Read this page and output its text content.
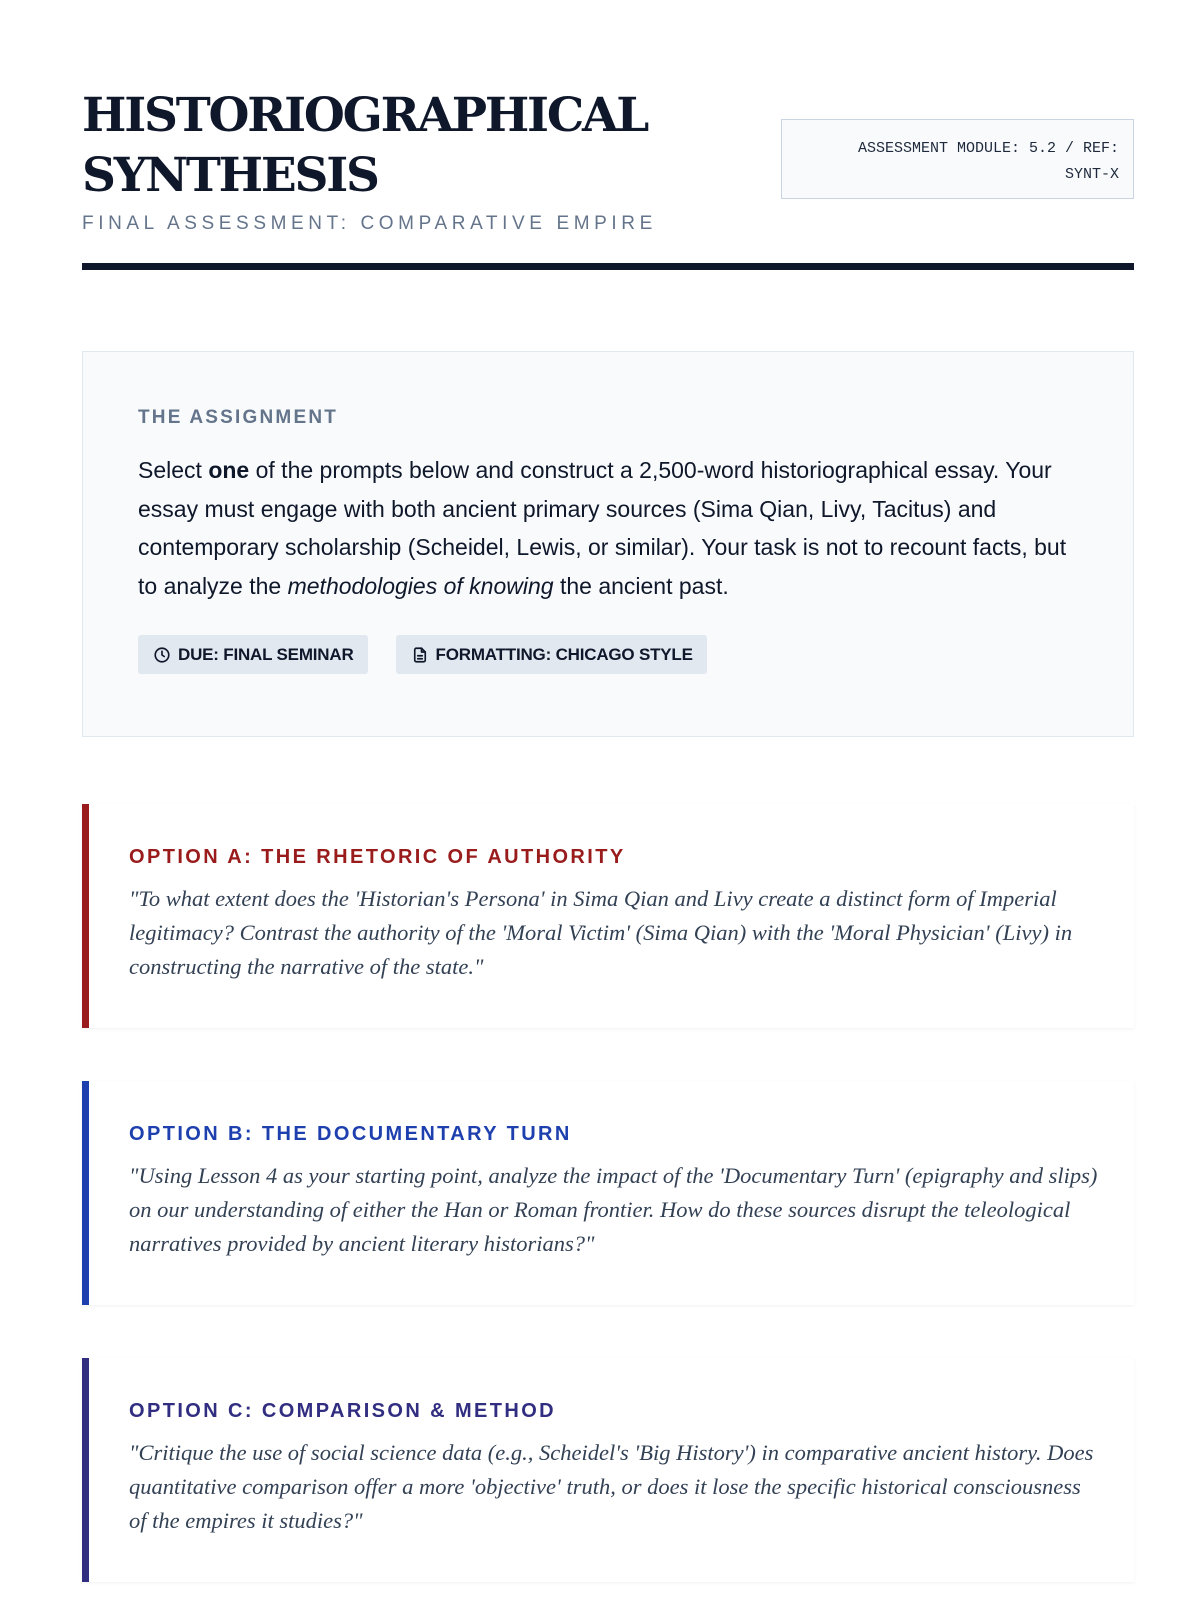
HISTORIOGRAPHICAL SYNTHESIS
FINAL ASSESSMENT: COMPARATIVE EMPIRE
ASSESSMENT MODULE: 5.2 / REF:
SYNT-X
THE ASSIGNMENT

Select one of the prompts below and construct a 2,500-word historiographical essay. Your essay must engage with both ancient primary sources (Sima Qian, Livy, Tacitus) and contemporary scholarship (Scheidel, Lewis, or similar). Your task is not to recount facts, but to analyze the methodologies of knowing the ancient past.

DUE: FINAL SEMINAR	FORMATTING: CHICAGO STYLE
OPTION A: THE RHETORIC OF AUTHORITY

"To what extent does the 'Historian's Persona' in Sima Qian and Livy create a distinct form of Imperial legitimacy? Contrast the authority of the 'Moral Victim' (Sima Qian) with the 'Moral Physician' (Livy) in constructing the narrative of the state."

OPTION B: THE DOCUMENTARY TURN

"Using Lesson 4 as your starting point, analyze the impact of the 'Documentary Turn' (epigraphy and slips) on our understanding of either the Han or Roman frontier. How do these sources disrupt the teleological narratives provided by ancient literary historians?"

OPTION C: COMPARISON & METHOD

"Critique the use of social science data (e.g., Scheidel's 'Big History') in comparative ancient history. Does quantitative comparison offer a more 'objective' truth, or does it lose the specific historical consciousness of the empires it studies?"
